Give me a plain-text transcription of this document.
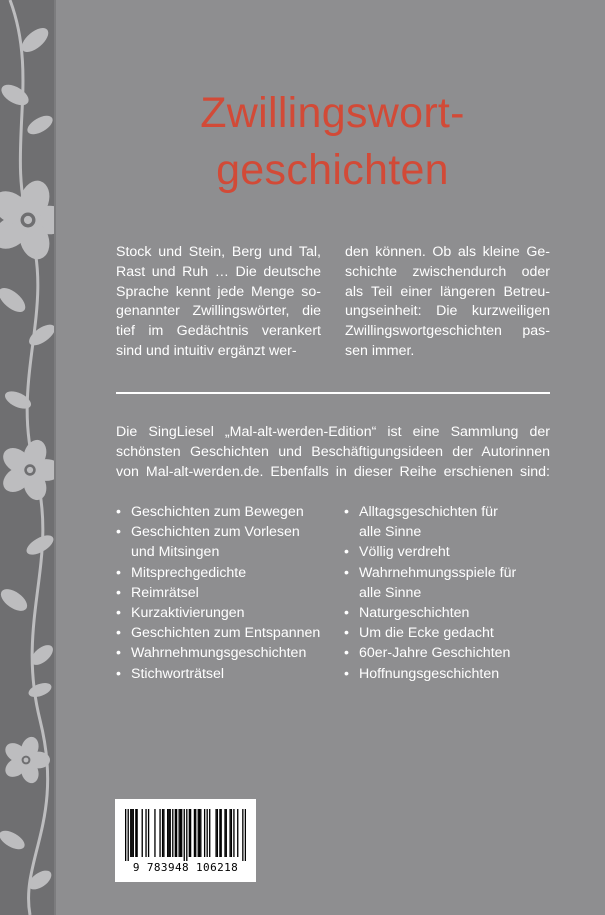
Zwillingswort-
geschichten
Stock und Stein, Berg und Tal,
Rast und Ruh … Die deutsche
Sprache kennt jede Menge so-
genannter Zwillingswörter, die
tief im Gedächtnis verankert
sind und intuitiv ergänzt wer-
den können. Ob als kleine Ge-
schichte zwischendurch oder
als Teil einer längeren Betreu-
ungseinheit: Die kurzweiligen
Zwillingswortgeschichten pas-
sen immer.
Die SingLiesel „Mal-alt-werden-Edition“ ist eine Sammlung der
schönsten Geschichten und Beschäftigungsideen der Autorinnen
von Mal-alt-werden.de. Ebenfalls in dieser Reihe erschienen sind:
• Geschichten zum Bewegen
• Geschichten zum Vorlesen
und Mitsingen
• Mitsprechgedichte
• Reimrätsel
• Kurzaktivierungen
• Geschichten zum Entspannen
• Wahrnehmungsgeschichten
• Stichworträtsel
• Alltagsgeschichten für
alle Sinne
• Völlig verdreht
• Wahrnehmungsspiele für
alle Sinne
• Naturgeschichten
• Um die Ecke gedacht
• 60er-Jahre Geschichten
• Hoffnungsgeschichten
9 783948 106218
